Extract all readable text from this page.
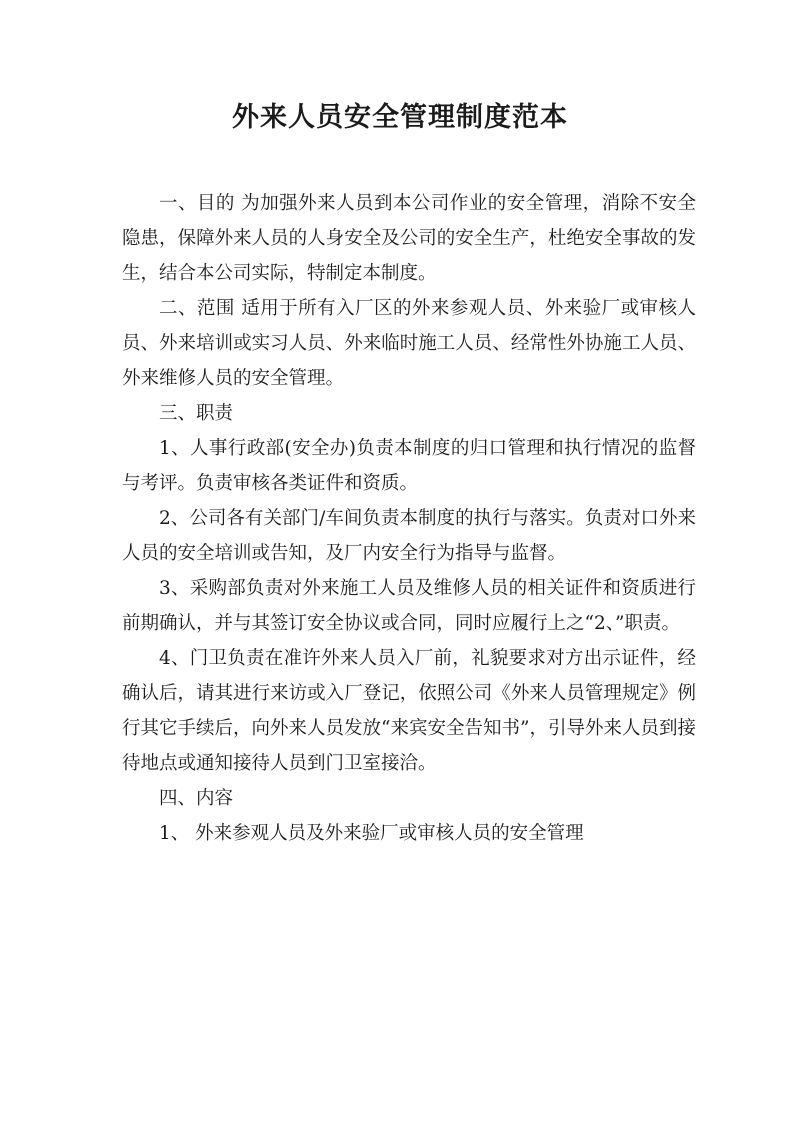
外来人员安全管理制度范本

一、目的 为加强外来人员到本公司作业的安全管理，消除不安全隐患，保障外来人员的人身安全及公司的安全生产，杜绝安全事故的发生，结合本公司实际，特制定本制度。

二、范围 适用于所有入厂区的外来参观人员、外来验厂或审核人员、外来培训或实习人员、外来临时施工人员、经常性外协施工人员、外来维修人员的安全管理。

三、职责

1、人事行政部(安全办)负责本制度的归口管理和执行情况的监督与考评。负责审核各类证件和资质。

2、公司各有关部门/车间负责本制度的执行与落实。负责对口外来人员的安全培训或告知，及厂内安全行为指导与监督。

3、采购部负责对外来施工人员及维修人员的相关证件和资质进行前期确认，并与其签订安全协议或合同，同时应履行上之“2、”职责。

4、门卫负责在准许外来人员入厂前，礼貌要求对方出示证件，经确认后，请其进行来访或入厂登记，依照公司《外来人员管理规定》例行其它手续后，向外来人员发放“来宾安全告知书”，引导外来人员到接待地点或通知接待人员到门卫室接洽。

四、内容

1、 外来参观人员及外来验厂或审核人员的安全管理
